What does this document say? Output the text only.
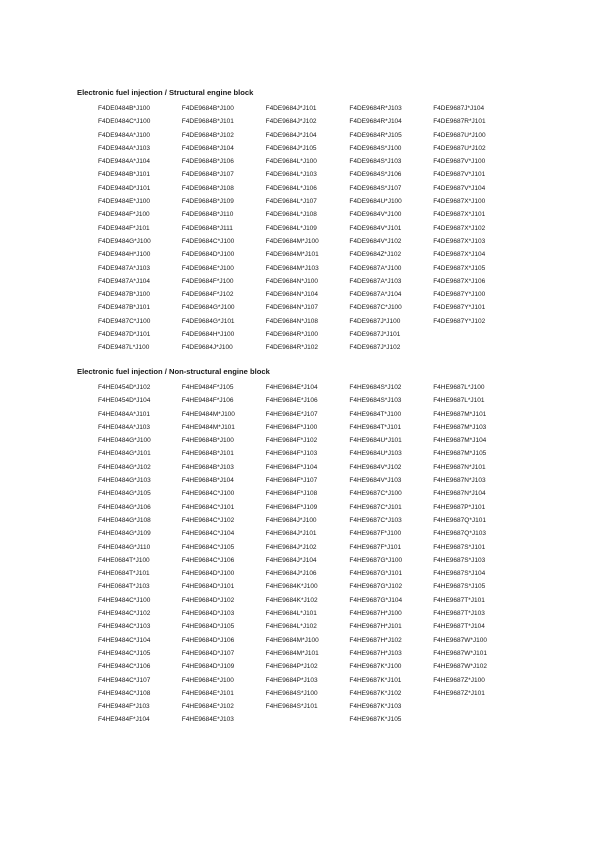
Electronic fuel injection / Structural engine block
F4DE0484B*J100
F4DE0484C*J100
F4DE9484A*J100
F4DE9484A*J103
F4DE9484A*J104
F4DE9484B*J101
F4DE9484D*J101
F4DE9484E*J100
F4DE9484F*J100
F4DE9484F*J101
F4DE9484G*J100
F4DE9484H*J100
F4DE9487A*J103
F4DE9487A*J104
F4DE9487B*J100
F4DE9487B*J101
F4DE9487C*J100
F4DE9487D*J101
F4DE9487L*J100
F4DE9684B*J100
F4DE9684B*J101
F4DE9684B*J102
F4DE9684B*J104
F4DE9684B*J106
F4DE9684B*J107
F4DE9684B*J108
F4DE9684B*J109
F4DE9684B*J110
F4DE9684B*J111
F4DE9684C*J100
F4DE9684D*J100
F4DE9684E*J100
F4DE9684F*J100
F4DE9684F*J102
F4DE9684G*J100
F4DE9684G*J101
F4DE9684H*J100
F4DE9684J*J100
F4DE9684J*J101
F4DE9684J*J102
F4DE9684J*J104
F4DE9684J*J105
F4DE9684L*J100
F4DE9684L*J103
F4DE9684L*J106
F4DE9684L*J107
F4DE9684L*J108
F4DE9684L*J109
F4DE9684M*J100
F4DE9684M*J101
F4DE9684M*J103
F4DE9684N*J100
F4DE9684N*J104
F4DE9684N*J107
F4DE9684N*J108
F4DE9684R*J100
F4DE9684R*J102
F4DE9684R*J103
F4DE9684R*J104
F4DE9684R*J105
F4DE9684S*J100
F4DE9684S*J103
F4DE9684S*J106
F4DE9684S*J107
F4DE9684U*J100
F4DE9684V*J100
F4DE9684V*J101
F4DE9684V*J102
F4DE9684Z*J102
F4DE9687A*J100
F4DE9687A*J103
F4DE9687A*J104
F4DE9687C*J100
F4DE9687J*J100
F4DE9687J*J101
F4DE9687J*J102
F4DE9687J*J104
F4DE9687R*J101
F4DE9687U*J100
F4DE9687U*J102
F4DE9687V*J100
F4DE9687V*J101
F4DE9687V*J104
F4DE9687X*J100
F4DE9687X*J101
F4DE9687X*J102
F4DE9687X*J103
F4DE9687X*J104
F4DE9687X*J105
F4DE9687X*J106
F4DE9687Y*J100
F4DE9687Y*J101
F4DE9687Y*J102
Electronic fuel injection / Non-structural engine block
F4HE0454D*J102
F4HE0454D*J104
F4HE0484A*J101
F4HE0484A*J103
F4HE0484G*J100
F4HE0484G*J101
F4HE0484G*J102
F4HE0484G*J103
F4HE0484G*J105
F4HE0484G*J106
F4HE0484G*J108
F4HE0484G*J109
F4HE0484G*J110
F4HE0684T*J100
F4HE0684T*J101
F4HE0684T*J103
F4HE9484C*J100
F4HE9484C*J102
F4HE9484C*J103
F4HE9484C*J104
F4HE9484C*J105
F4HE9484C*J106
F4HE9484C*J107
F4HE9484C*J108
F4HE9484F*J103
F4HE9484F*J104
F4HE9484F*J105
F4HE9484F*J106
F4HE9484M*J100
F4HE9484M*J101
F4HE9684B*J100
F4HE9684B*J101
F4HE9684B*J103
F4HE9684B*J104
F4HE9684C*J100
F4HE9684C*J101
F4HE9684C*J102
F4HE9684C*J104
F4HE9684C*J105
F4HE9684C*J106
F4HE9684D*J100
F4HE9684D*J101
F4HE9684D*J102
F4HE9684D*J103
F4HE9684D*J105
F4HE9684D*J106
F4HE9684D*J107
F4HE9684D*J109
F4HE9684E*J100
F4HE9684E*J101
F4HE9684E*J102
F4HE9684E*J103
F4HE9684E*J104
F4HE9684E*J106
F4HE9684E*J107
F4HE9684F*J100
F4HE9684F*J102
F4HE9684F*J103
F4HE9684F*J104
F4HE9684F*J107
F4HE9684F*J108
F4HE9684F*J109
F4HE9684J*J100
F4HE9684J*J101
F4HE9684J*J102
F4HE9684J*J104
F4HE9684J*J106
F4HE9684K*J100
F4HE9684K*J102
F4HE9684L*J101
F4HE9684L*J102
F4HE9684M*J100
F4HE9684M*J101
F4HE9684P*J102
F4HE9684P*J103
F4HE9684S*J100
F4HE9684S*J101
F4HE9684S*J102
F4HE9684S*J103
F4HE9684T*J100
F4HE9684T*J101
F4HE9684U*J101
F4HE9684U*J103
F4HE9684V*J102
F4HE9684V*J103
F4HE9687C*J100
F4HE9687C*J101
F4HE9687C*J103
F4HE9687F*J100
F4HE9687F*J101
F4HE9687G*J100
F4HE9687G*J101
F4HE9687G*J102
F4HE9687G*J104
F4HE9687H*J100
F4HE9687H*J101
F4HE9687H*J102
F4HE9687H*J103
F4HE9687K*J100
F4HE9687K*J101
F4HE9687K*J102
F4HE9687K*J103
F4HE9687K*J105
F4HE9687L*J100
F4HE9687L*J101
F4HE9687M*J101
F4HE9687M*J103
F4HE9687M*J104
F4HE9687M*J105
F4HE9687N*J101
F4HE9687N*J103
F4HE9687N*J104
F4HE9687P*J101
F4HE9687Q*J101
F4HE9687Q*J103
F4HE9687S*J101
F4HE9687S*J103
F4HE9687S*J104
F4HE9687S*J105
F4HE9687T*J101
F4HE9687T*J103
F4HE9687T*J104
F4HE9687W*J100
F4HE9687W*J101
F4HE9687W*J102
F4HE9687Z*J100
F4HE9687Z*J101
